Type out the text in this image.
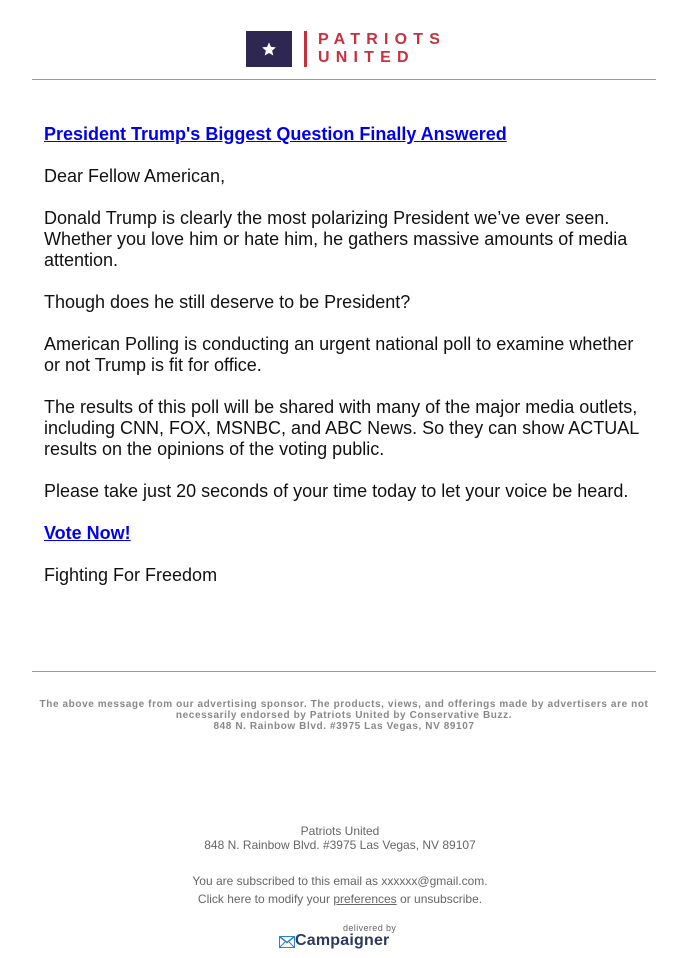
PATRIOTS
UNITED

President Trump's Biggest Question Finally Answered

Dear Fellow American,

Donald Trump is clearly the most polarizing President we’ve ever seen. Whether you love him or hate him, he gathers massive amounts of media attention.

Though does he still deserve to be President?

American Polling is conducting an urgent national poll to examine whether or not Trump is fit for office.

The results of this poll will be shared with many of the major media outlets, including CNN, FOX, MSNBC, and ABC News. So they can show ACTUAL results on the opinions of the voting public.

Please take just 20 seconds of your time today to let your voice be heard.

Vote Now!

Fighting For Freedom

The above message from our advertising sponsor. The products, views, and offerings made by advertisers are not
necessarily endorsed by Patriots United by Conservative Buzz.
848 N. Rainbow Blvd. #3975 Las Vegas, NV 89107
Patriots United
848 N. Rainbow Blvd. #3975 Las Vegas, NV 89107
You are subscribed to this email as xxxxxx@gmail.com.
Click here to modify your preferences or unsubscribe.
delivered by
Campaigner
